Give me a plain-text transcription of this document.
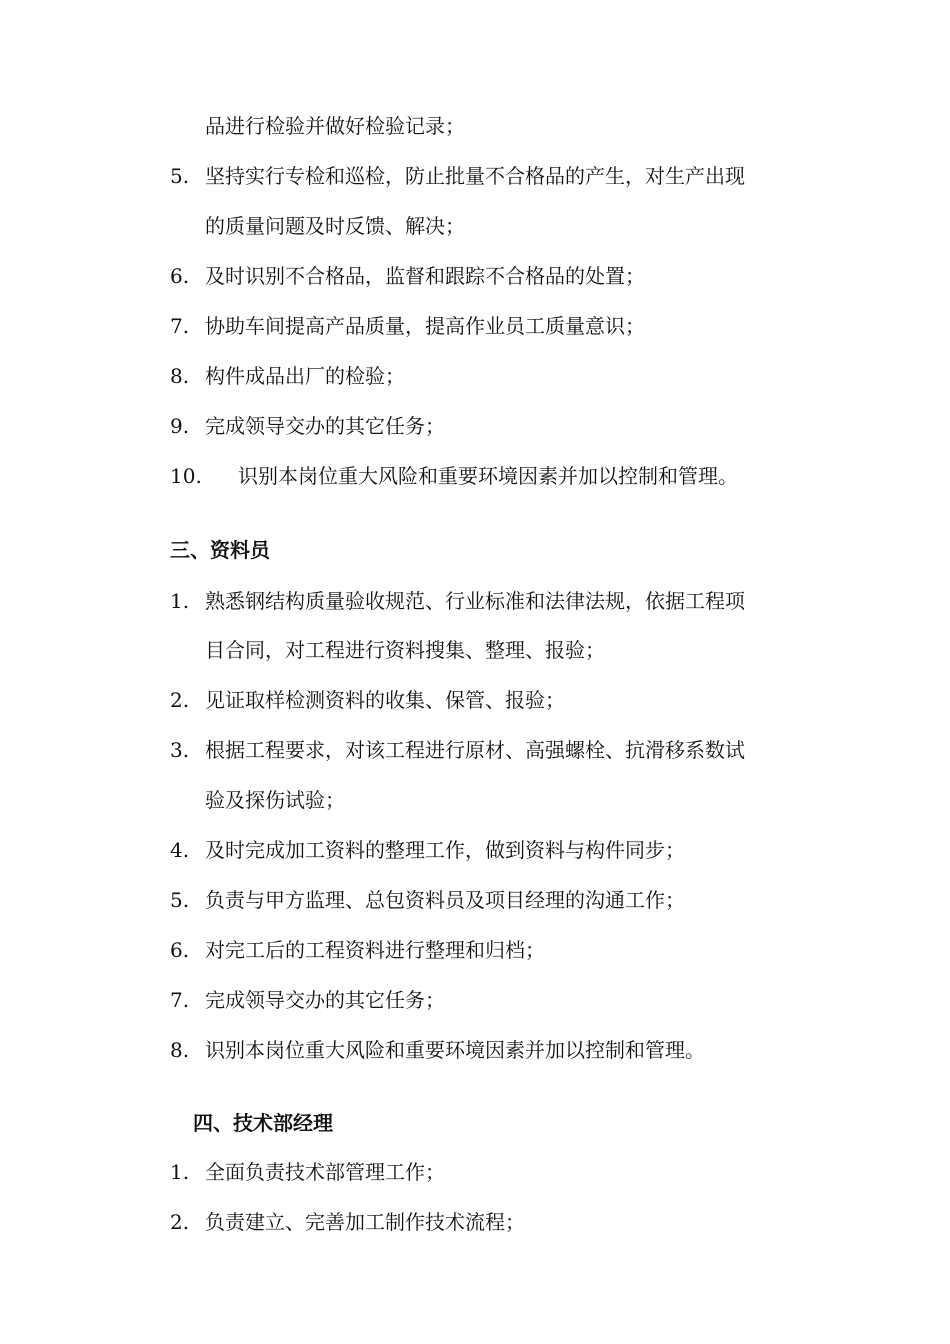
品进行检验并做好检验记录；
5. 坚持实行专检和巡检，防止批量不合格品的产生，对生产出现
的质量问题及时反馈、解决；
6. 及时识别不合格品，监督和跟踪不合格品的处置；
7. 协助车间提高产品质量，提高作业员工质量意识；
8. 构件成品出厂的检验；
9. 完成领导交办的其它任务；
10. 识别本岗位重大风险和重要环境因素并加以控制和管理。
三、资料员
1. 熟悉钢结构质量验收规范、行业标准和法律法规，依据工程项
目合同，对工程进行资料搜集、整理、报验；
2. 见证取样检测资料的收集、保管、报验；
3. 根据工程要求，对该工程进行原材、高强螺栓、抗滑移系数试
验及探伤试验；
4. 及时完成加工资料的整理工作，做到资料与构件同步；
5. 负责与甲方监理、总包资料员及项目经理的沟通工作；
6. 对完工后的工程资料进行整理和归档；
7. 完成领导交办的其它任务；
8. 识别本岗位重大风险和重要环境因素并加以控制和管理。
四、技术部经理
1. 全面负责技术部管理工作；
2. 负责建立、完善加工制作技术流程；
